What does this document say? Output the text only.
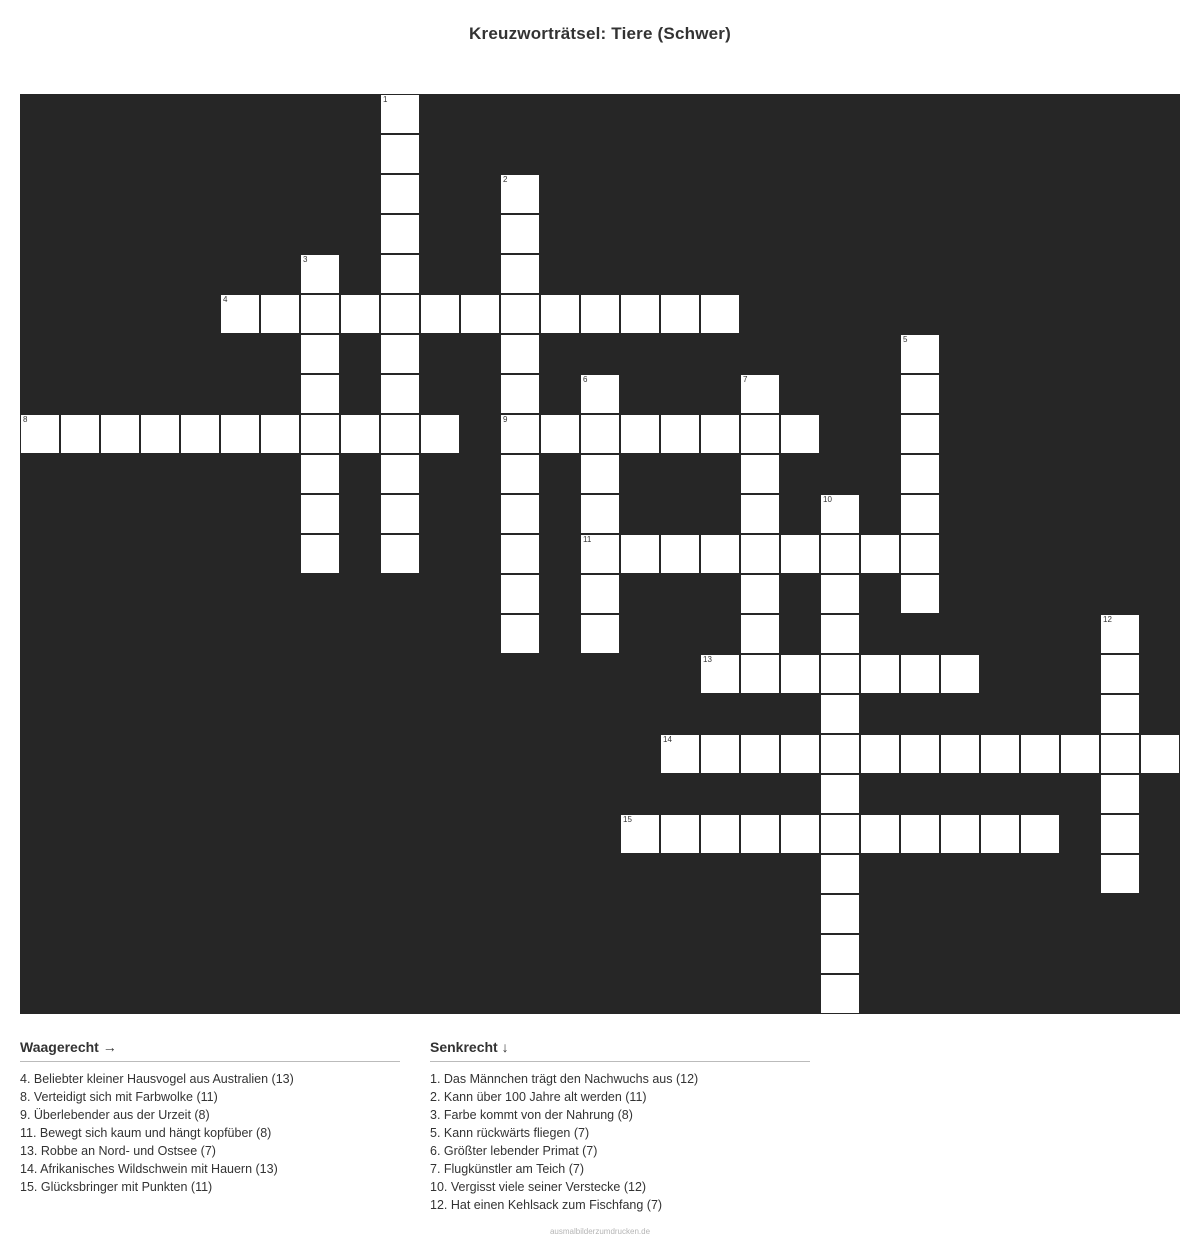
Kreuzworträtsel: Tiere (Schwer)
1
2
3
4
5
6	7
8	9
10
11
12
13
14
15
Waagerecht →
4. Beliebter kleiner Hausvogel aus Australien (13)
8. Verteidigt sich mit Farbwolke (11)
9. Überlebender aus der Urzeit (8)
11. Bewegt sich kaum und hängt kopfüber (8)
13. Robbe an Nord- und Ostsee (7)
14. Afrikanisches Wildschwein mit Hauern (13)
15. Glücksbringer mit Punkten (11)
Senkrecht ↓
1. Das Männchen trägt den Nachwuchs aus (12)
2. Kann über 100 Jahre alt werden (11)
3. Farbe kommt von der Nahrung (8)
5. Kann rückwärts fliegen (7)
6. Größter lebender Primat (7)
7. Flugkünstler am Teich (7)
10. Vergisst viele seiner Verstecke (12)
12. Hat einen Kehlsack zum Fischfang (7)
ausmalbilderzumdrucken.de
